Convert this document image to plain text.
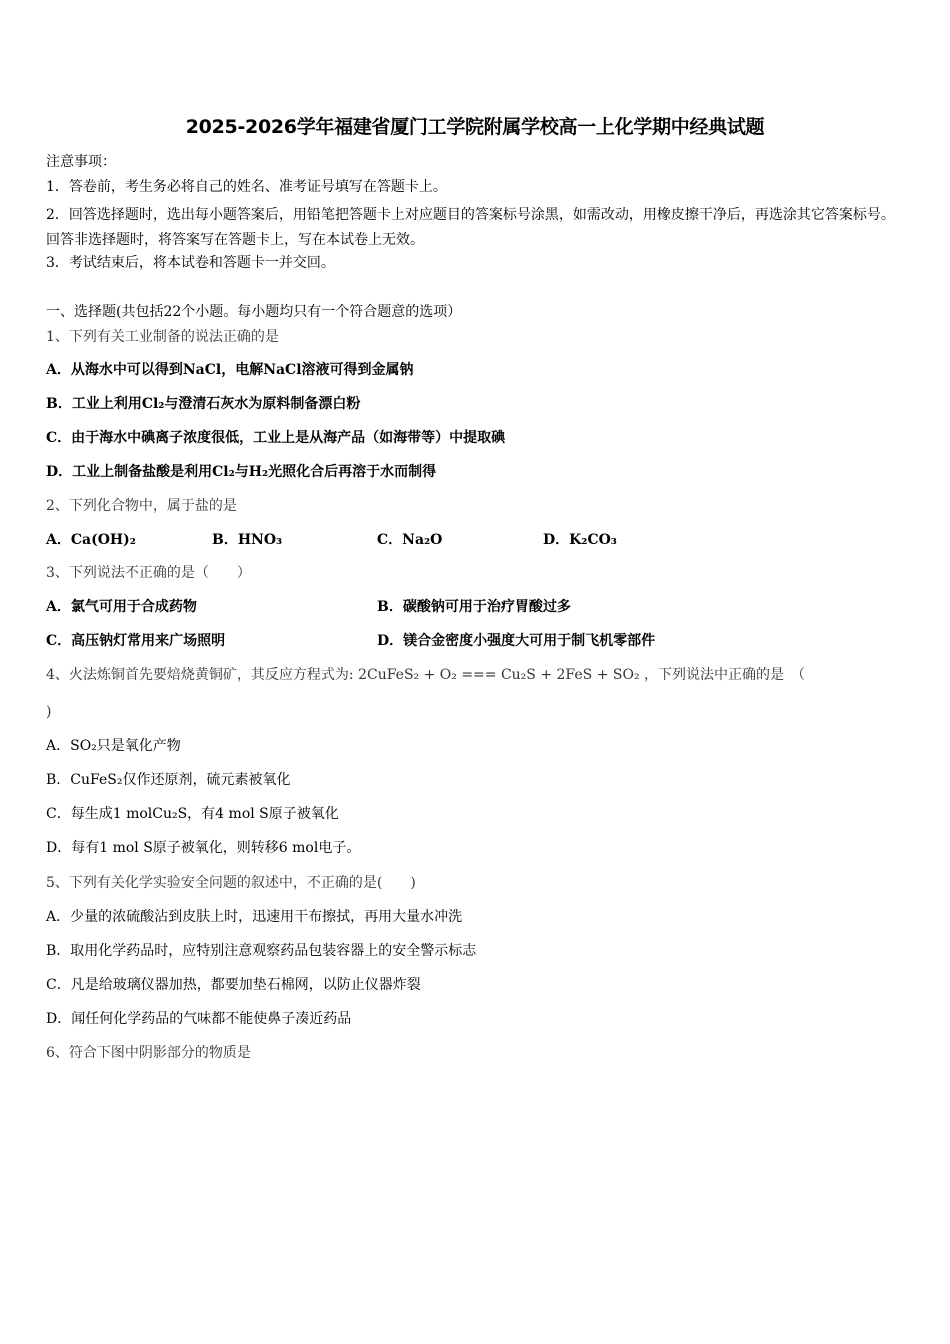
2025-2026学年福建省厦门工学院附属学校高一上化学期中经典试题
注意事项：
1．答卷前，考生务必将自己的姓名、准考证号填写在答题卡上。
2．回答选择题时，选出每小题答案后，用铅笔把答题卡上对应题目的答案标号涂黑，如需改动，用橡皮擦干净后，再选涂其它答案标号。回答非选择题时，将答案写在答题卡上，写在本试卷上无效。
3．考试结束后，将本试卷和答题卡一并交回。
一、选择题(共包括22个小题。每小题均只有一个符合题意的选项）
1、下列有关工业制备的说法正确的是
A．从海水中可以得到NaCl，电解NaCl溶液可得到金属钠
B．工业上利用Cl₂与澄清石灰水为原料制备漂白粉
C．由于海水中碘离子浓度很低，工业上是从海产品（如海带等）中提取碘
D．工业上制备盐酸是利用Cl₂与H₂光照化合后再溶于水而制得
2、下列化合物中，属于盐的是
A．Ca(OH)₂	B．HNO₃	C．Na₂O	D．K₂CO₃
3、下列说法不正确的是（　　）
A．氯气可用于合成药物	B．碳酸钠可用于治疗胃酸过多
C．高压钠灯常用来广场照明	D．镁合金密度小强度大可用于制飞机零部件
4、火法炼铜首先要焙烧黄铜矿，其反应方程式为: 2CuFeS₂ + O₂ === Cu₂S + 2FeS + SO₂ ，下列说法中正确的是　（
)
A．SO₂只是氧化产物
B．CuFeS₂仅作还原剂，硫元素被氧化
C．每生成1 molCu₂S，有4 mol S原子被氧化
D．每有1 mol S原子被氧化，则转移6 mol电子。
5、下列有关化学实验安全问题的叙述中，不正确的是(　　)
A．少量的浓硫酸沾到皮肤上时，迅速用干布擦拭，再用大量水冲洗
B．取用化学药品时，应特别注意观察药品包装容器上的安全警示标志
C．凡是给玻璃仪器加热，都要加垫石棉网，以防止仪器炸裂
D．闻任何化学药品的气味都不能使鼻子凑近药品
6、符合下图中阴影部分的物质是
